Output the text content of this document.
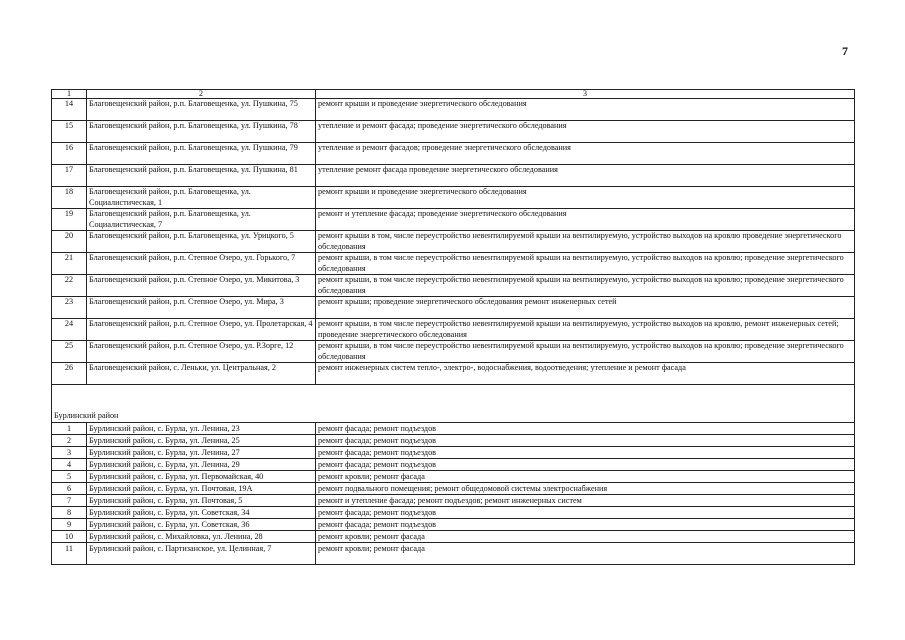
7
1	2	3
14	Благовещенский район, р.п. Благовещенка, ул. Пушкина, 75	ремонт крыши и проведение энергетического обследования
15	Благовещенский район, р.п. Благовещенка, ул. Пушкина, 78	утепление и ремонт фасада; проведение энергетического обследования
16	Благовещенский район, р.п. Благовещенка, ул. Пушкина, 79	утепление и ремонт фасадов; проведение энергетического обследования
17	Благовещенский район, р.п. Благовещенка, ул. Пушкина, 81	утепление ремонт фасада проведение энергетического обследования
18	Благовещенский район, р.п. Благовещенка, ул. Социалистическая, 1	ремонт крыши и проведение энергетического обследования
19	Благовещенский район, р.п. Благовещенка, ул. Социалистическая, 7	ремонт и утепление фасада; проведение энергетического обследования
20	Благовещенский район, р.п. Благовещенка, ул. Урицкого, 5	ремонт крыши в том, числе переустройство невентилируемой крыши на вентилируемую, устройство выходов на кровлю проведение энергетического обследования
21	Благовещенский район, р.п. Степное Озеро, ул. Горького, 7	ремонт крыши, в том числе переустройство невентилируемой крыши на вентилируемую, устройство выходов на кровлю; проведение энергетического обследования
22	Благовещенский район, р.п. Степное Озеро, ул. Микитова, 3	ремонт крыши, в том числе переустройство невентилируемой крыши на вентилируемую, устройство выходов на кровлю; проведение энергетического обследования
23	Благовещенский район, р.п. Степное Озеро, ул. Мира, 3	ремонт крыши; проведение энергетического обследования ремонт инженерных сетей
24	Благовещенский район, р.п. Степное Озеро, ул. Пролетарская, 4	ремонт крыши, в том числе переустройство невентилируемой крыши на вентилируемую, устройство выходов на кровлю, ремонт инженерных сетей; проведение энергетического обследования
25	Благовещенский район, р.п. Степное Озеро, ул. Р.Зорге, 12	ремонт крыши, в том числе переустройство невентилируемой крыши на вентилируемую, устройство выходов на кровлю; проведение энергетического обследования
26	Благовещенский район, с. Леньки, ул. Центральная, 2	ремонт инженерных систем тепло-, электро-, водоснабжения, водоотведения; утепление и ремонт фасада

Бурлинский район		
1	Бурлинский район, с. Бурла, ул. Ленина, 23	ремонт фасада; ремонт подъездов
2	Бурлинский район, с. Бурла, ул. Ленина, 25	ремонт фасада; ремонт подъездов
3	Бурлинский район, с. Бурла, ул. Ленина, 27	ремонт фасада; ремонт подъездов
4	Бурлинский район, с. Бурла, ул. Ленина, 29	ремонт фасада; ремонт подъездов
5	Бурлинский район, с. Бурла, ул. Первомайская, 40	ремонт кровли; ремонт фасада
6	Бурлинский район, с. Бурла, ул. Почтовая, 19А	ремонт подвального помещения; ремонт общедомовой системы электроснабжения
7	Бурлинский район, с. Бурла, ул. Почтовая, 5	ремонт и утепление фасада; ремонт подъездов; ремонт инженерных систем
8	Бурлинский район, с. Бурла, ул. Советская, 34	ремонт фасада; ремонт подъездов
9	Бурлинский район, с. Бурла, ул. Советская, 36	ремонт фасада; ремонт подъездов
10	Бурлинский район, с. Михайловка, ул. Ленина, 28	ремонт кровли; ремонт фасада
11	Бурлинский район, с. Партизанское, ул. Целинная, 7	ремонт кровли; ремонт фасада
